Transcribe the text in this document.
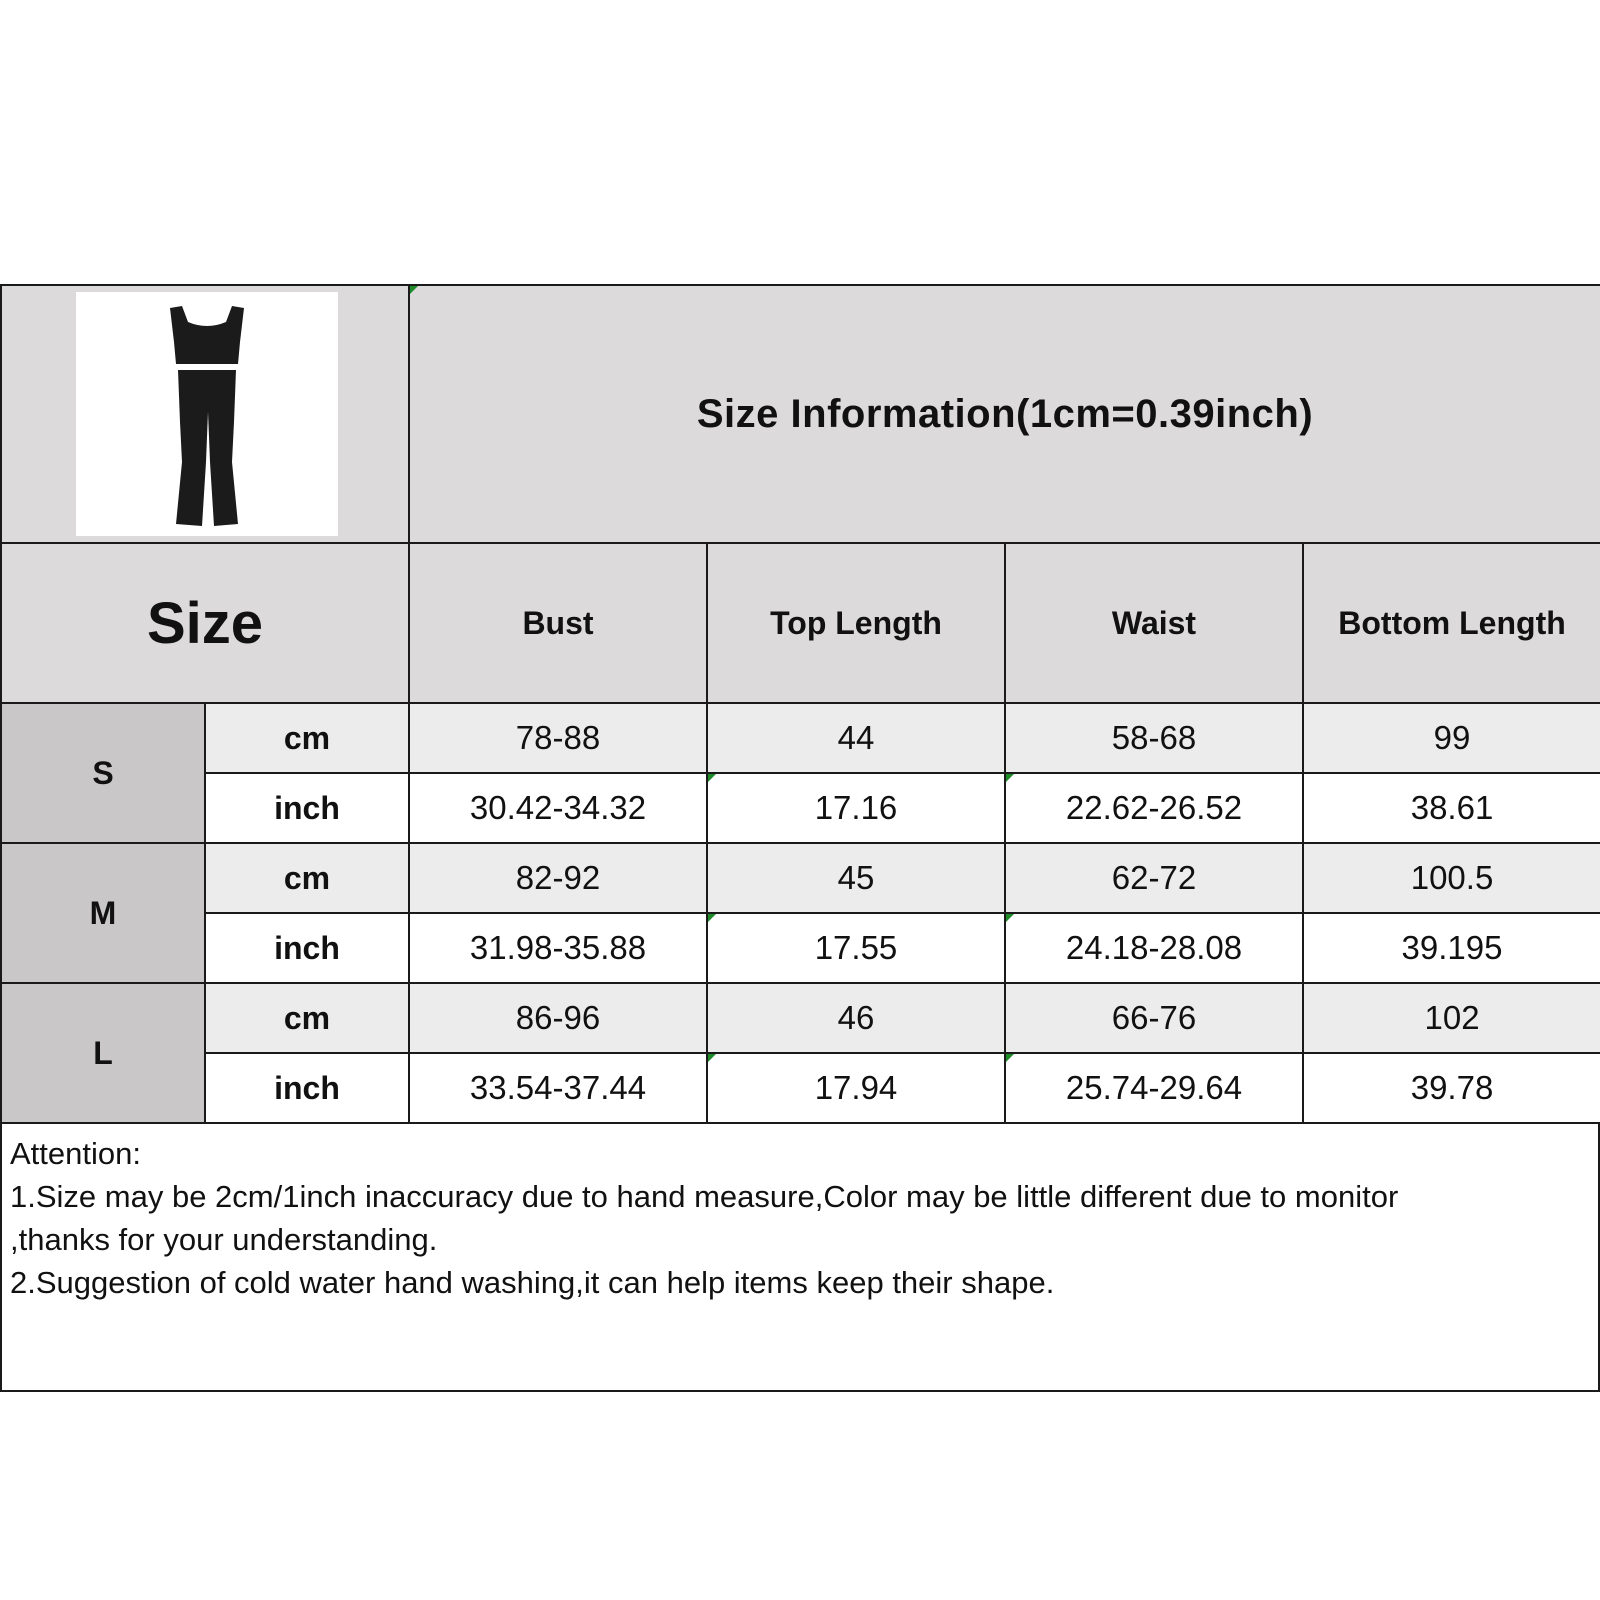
	Size Information(1cm=0.39inch)			
Size		Bust	Top Length	Waist	Bottom Length
S	cm	78-88	44	58-68	99
	inch	30.42-34.32	17.16	22.62-26.52	38.61
M	cm	82-92	45	62-72	100.5
	inch	31.98-35.88	17.55	24.18-28.08	39.195
L	cm	86-96	46	66-76	102
	inch	33.54-37.44	17.94	25.74-29.64	39.78
Attention:
1.Size may be 2cm/1inch inaccuracy due to hand measure,Color may be little different due to monitor
,thanks for your understanding.
2.Suggestion of cold water hand washing,it can help items keep their shape.
